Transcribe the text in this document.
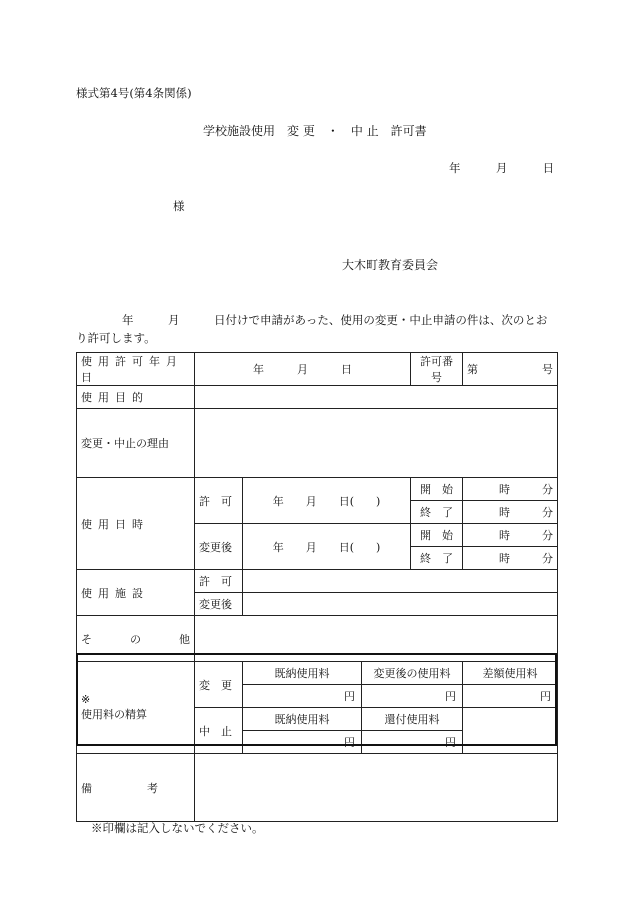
様式第4号(第4条関係)
学校施設使用　変 更　・　中 止　許可書
年	月	日
様
大木町教育委員会
　　　　年　　　月　　　日付けで申請があった、使用の変更・中止申請の件は、次のとおり許可します。
使用許可年月日	年　　　 月　　　 日			許可番号	第 号

使用目的					
変更・中止の理由					
使用日時	許　可	年　　 月　　 日(　　)		開　始	時 分

				終　了	時 分

	変更後	年　　 月　　 日(　　)		開　始	時 分

				終　了	時 分

使用施設	許　可				
	変更後				

そ の 他					

※
使用料の精算	変　更	既納使用料	変更後の使用料		差額使用料
		円	円		円
	中　止	既納使用料	還付使用料		
		円	円		
備　　　　　考					
※印欄は記入しないでください。
